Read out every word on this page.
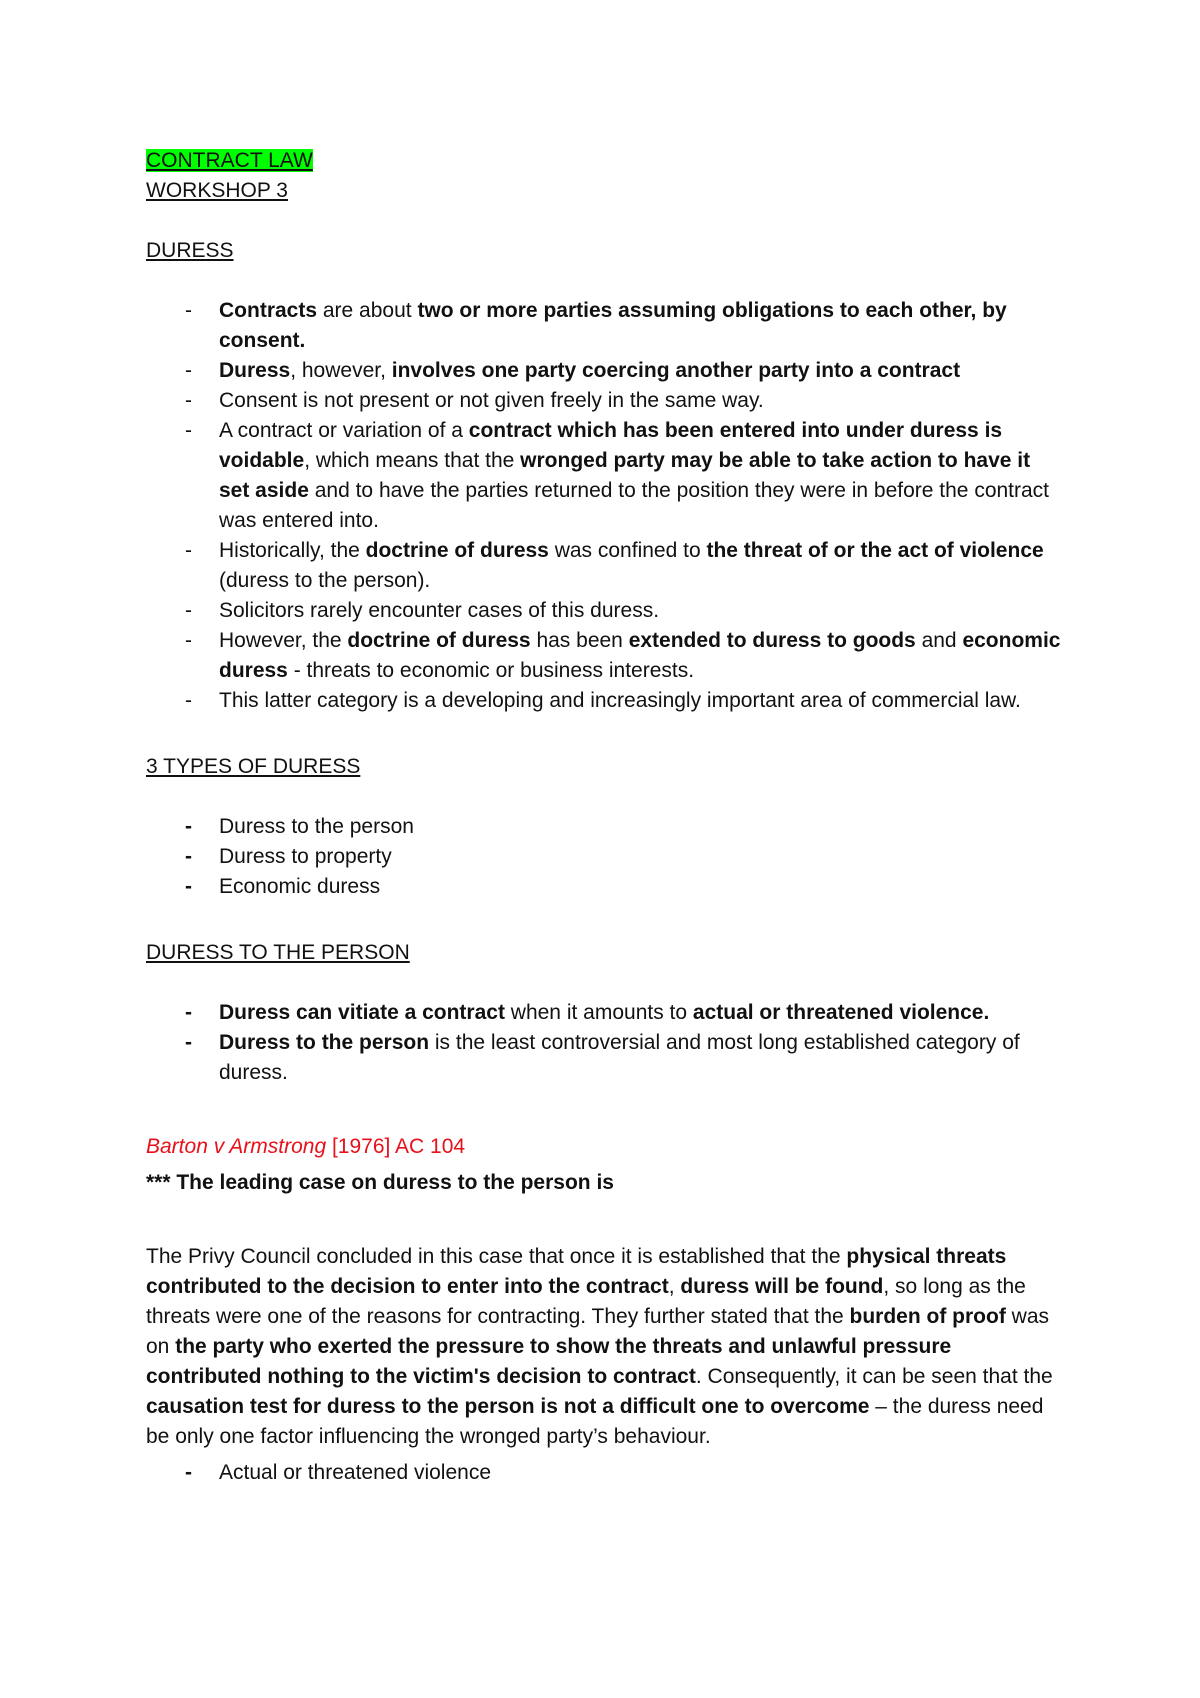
CONTRACT LAW

WORKSHOP 3

DURESS

- Contracts are about two or more parties assuming obligations to each other, by consent.
- Duress, however, involves one party coercing another party into a contract
- Consent is not present or not given freely in the same way.
- A contract or variation of a contract which has been entered into under duress is voidable, which means that the wronged party may be able to take action to have it set aside and to have the parties returned to the position they were in before the contract was entered into.
- Historically, the doctrine of duress was confined to the threat of or the act of violence (duress to the person).
- Solicitors rarely encounter cases of this duress.
- However, the doctrine of duress has been extended to duress to goods and economic duress - threats to economic or business interests.
- This latter category is a developing and increasingly important area of commercial law.

3 TYPES OF DURESS

- Duress to the person
- Duress to property
- Economic duress

DURESS TO THE PERSON

- Duress can vitiate a contract when it amounts to actual or threatened violence.
- Duress to the person is the least controversial and most long established category of duress.

Barton v Armstrong [1976] AC 104

*** The leading case on duress to the person is

The Privy Council concluded in this case that once it is established that the physical threats contributed to the decision to enter into the contract, duress will be found, so long as the threats were one of the reasons for contracting. They further stated that the burden of proof was on the party who exerted the pressure to show the threats and unlawful pressure contributed nothing to the victim's decision to contract. Consequently, it can be seen that the causation test for duress to the person is not a difficult one to overcome – the duress need be only one factor influencing the wronged party’s behaviour.

- Actual or threatened violence
